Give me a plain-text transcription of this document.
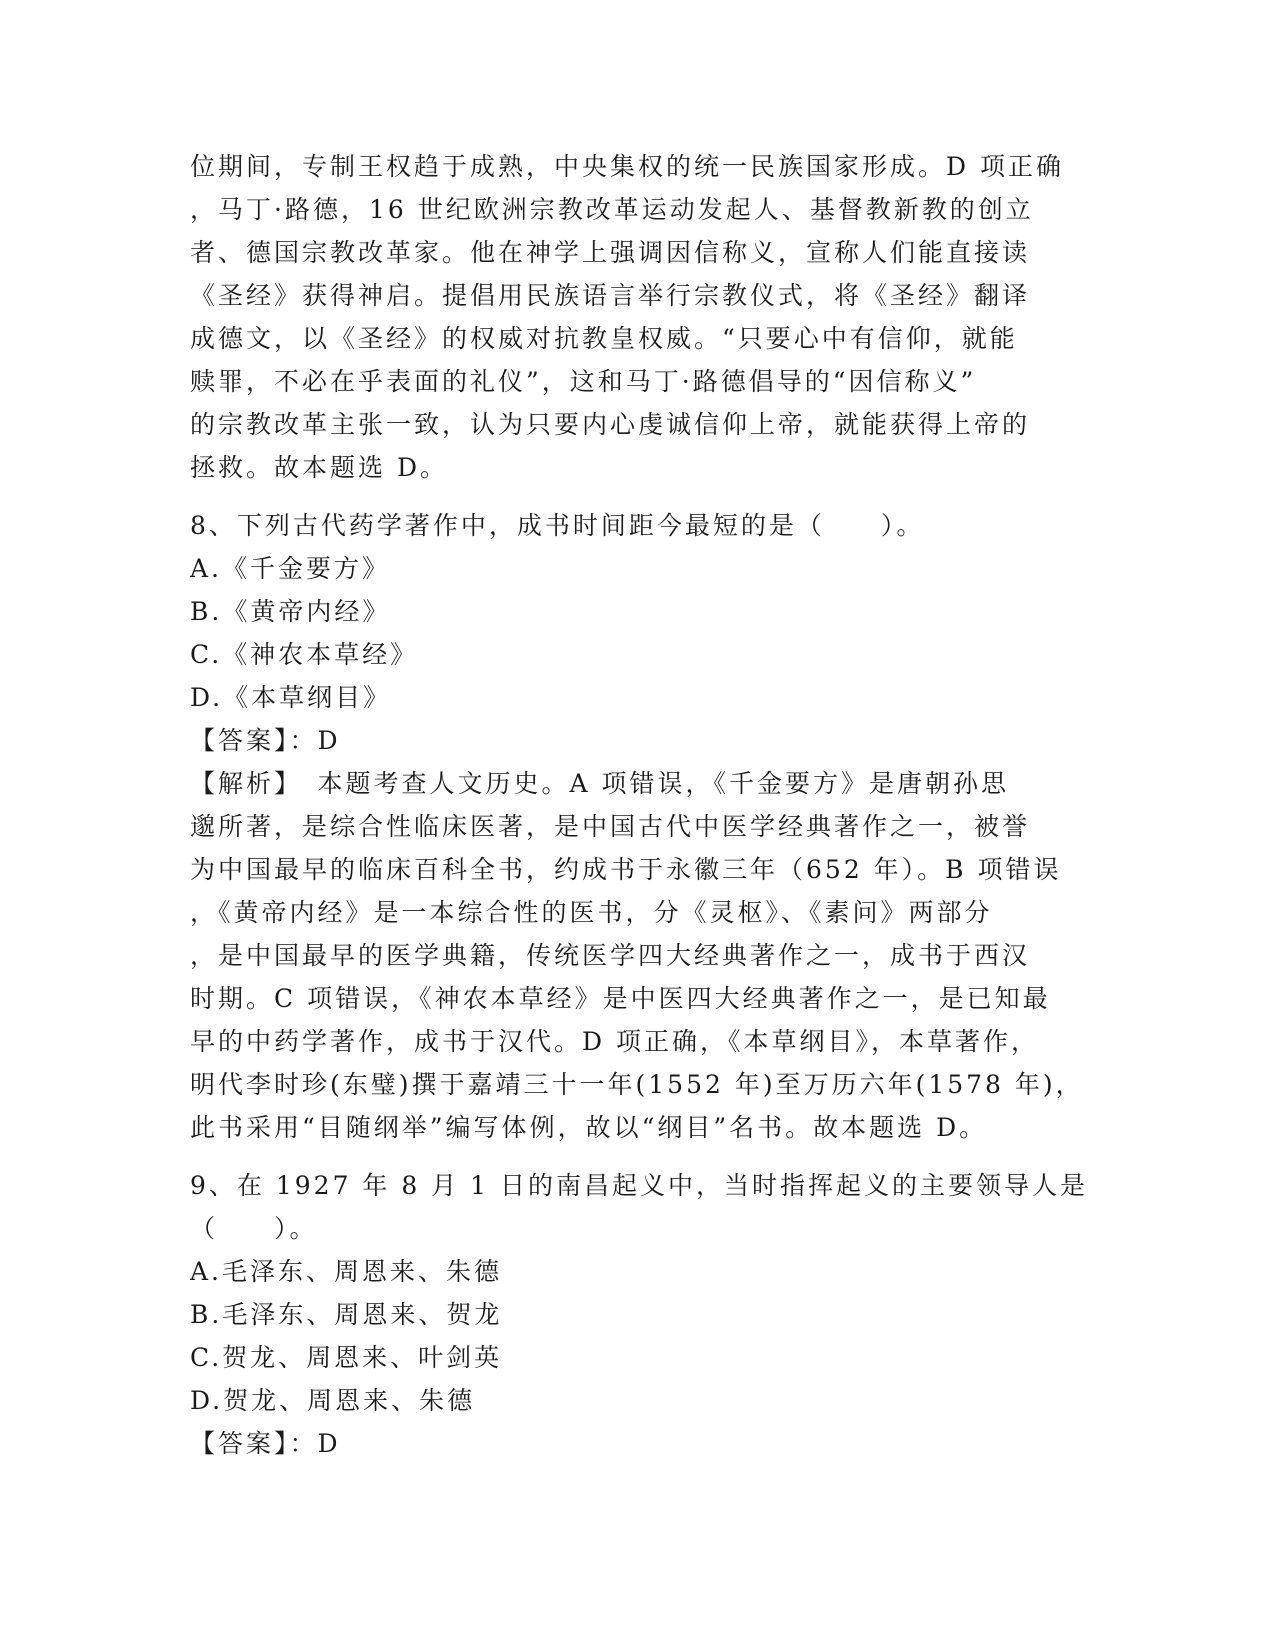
位期间，专制王权趋于成熟，中央集权的统一民族国家形成。D 项正确
，马丁·路德，16 世纪欧洲宗教改革运动发起人、基督教新教的创立
者、德国宗教改革家。他在神学上强调因信称义，宣称人们能直接读
《圣经》获得神启。提倡用民族语言举行宗教仪式，将《圣经》翻译
成德文，以《圣经》的权威对抗教皇权威。“只要心中有信仰，就能
赎罪，不必在乎表面的礼仪”，这和马丁·路德倡导的“因信称义”
的宗教改革主张一致，认为只要内心虔诚信仰上帝，就能获得上帝的
拯救。故本题选 D。
8、下列古代药学著作中，成书时间距今最短的是（　　）。
A.《千金要方》
B.《黄帝内经》
C.《神农本草经》
D.《本草纲目》
【答案】：D
【解析】　本题考查人文历史。A 项错误，《千金要方》是唐朝孙思
邈所著，是综合性临床医著，是中国古代中医学经典著作之一，被誉
为中国最早的临床百科全书，约成书于永徽三年（652 年）。B 项错误
，《黄帝内经》是一本综合性的医书，分《灵枢》、《素问》两部分
，是中国最早的医学典籍，传统医学四大经典著作之一，成书于西汉
时期。C 项错误，《神农本草经》是中医四大经典著作之一，是已知最
早的中药学著作，成书于汉代。D 项正确，《本草纲目》，本草著作，
明代李时珍(东璧)撰于嘉靖三十一年(1552 年)至万历六年(1578 年)，
此书采用“目随纲举”编写体例，故以“纲目”名书。故本题选 D。
9、在 1927 年 8 月 1 日的南昌起义中，当时指挥起义的主要领导人是
（　　）。
A.毛泽东、周恩来、朱德
B.毛泽东、周恩来、贺龙
C.贺龙、周恩来、叶剑英
D.贺龙、周恩来、朱德
【答案】：D
